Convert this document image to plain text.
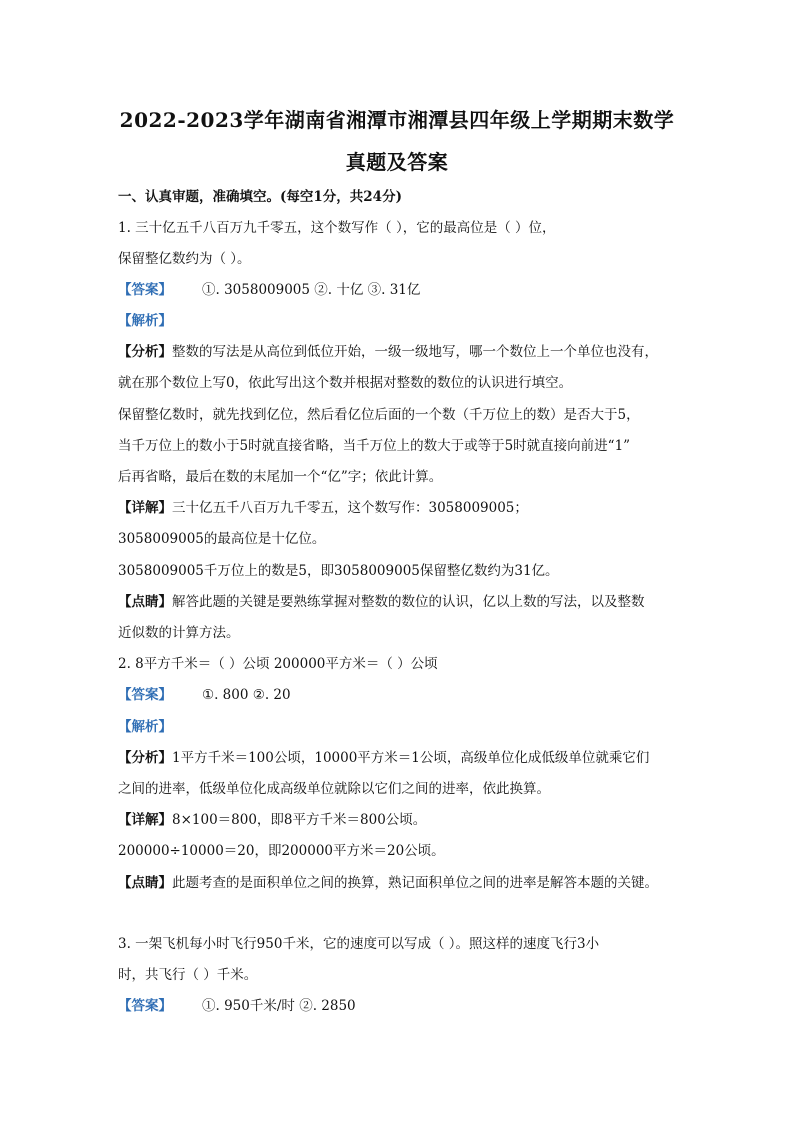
2022-2023学年湖南省湘潭市湘潭县四年级上学期期末数学
真题及答案
一、认真审题，准确填空。(每空1分，共24分)
1. 三十亿五千八百万九千零五，这个数写作（ ），它的最高位是（ ）位，
保留整亿数约为（ ）。
【答案】 ①. 3058009005 ②. 十亿 ③. 31亿
【解析】
【分析】整数的写法是从高位到低位开始，一级一级地写，哪一个数位上一个单位也没有，
就在那个数位上写0，依此写出这个数并根据对整数的数位的认识进行填空。
保留整亿数时，就先找到亿位，然后看亿位后面的一个数（千万位上的数）是否大于5，
当千万位上的数小于5时就直接省略，当千万位上的数大于或等于5时就直接向前进“1”
后再省略，最后在数的末尾加一个“亿”字；依此计算。
【详解】三十亿五千八百万九千零五，这个数写作：3058009005；
3058009005的最高位是十亿位。
3058009005千万位上的数是5，即3058009005保留整亿数约为31亿。
【点睛】解答此题的关键是要熟练掌握对整数的数位的认识，亿以上数的写法，以及整数
近似数的计算方法。
2. 8平方千米＝（ ）公顷 200000平方米＝（ ）公顷
【答案】 ①. 800 ②. 20
【解析】
【分析】1平方千米＝100公顷，10000平方米＝1公顷，高级单位化成低级单位就乘它们
之间的进率，低级单位化成高级单位就除以它们之间的进率，依此换算。
【详解】8×100＝800，即8平方千米＝800公顷。
200000÷10000＝20，即200000平方米＝20公顷。
【点睛】此题考查的是面积单位之间的换算，熟记面积单位之间的进率是解答本题的关键。
3. 一架飞机每小时飞行950千米，它的速度可以写成（ ）。照这样的速度飞行3小
时，共飞行（ ）千米。
【答案】 ①. 950千米/时 ②. 2850
